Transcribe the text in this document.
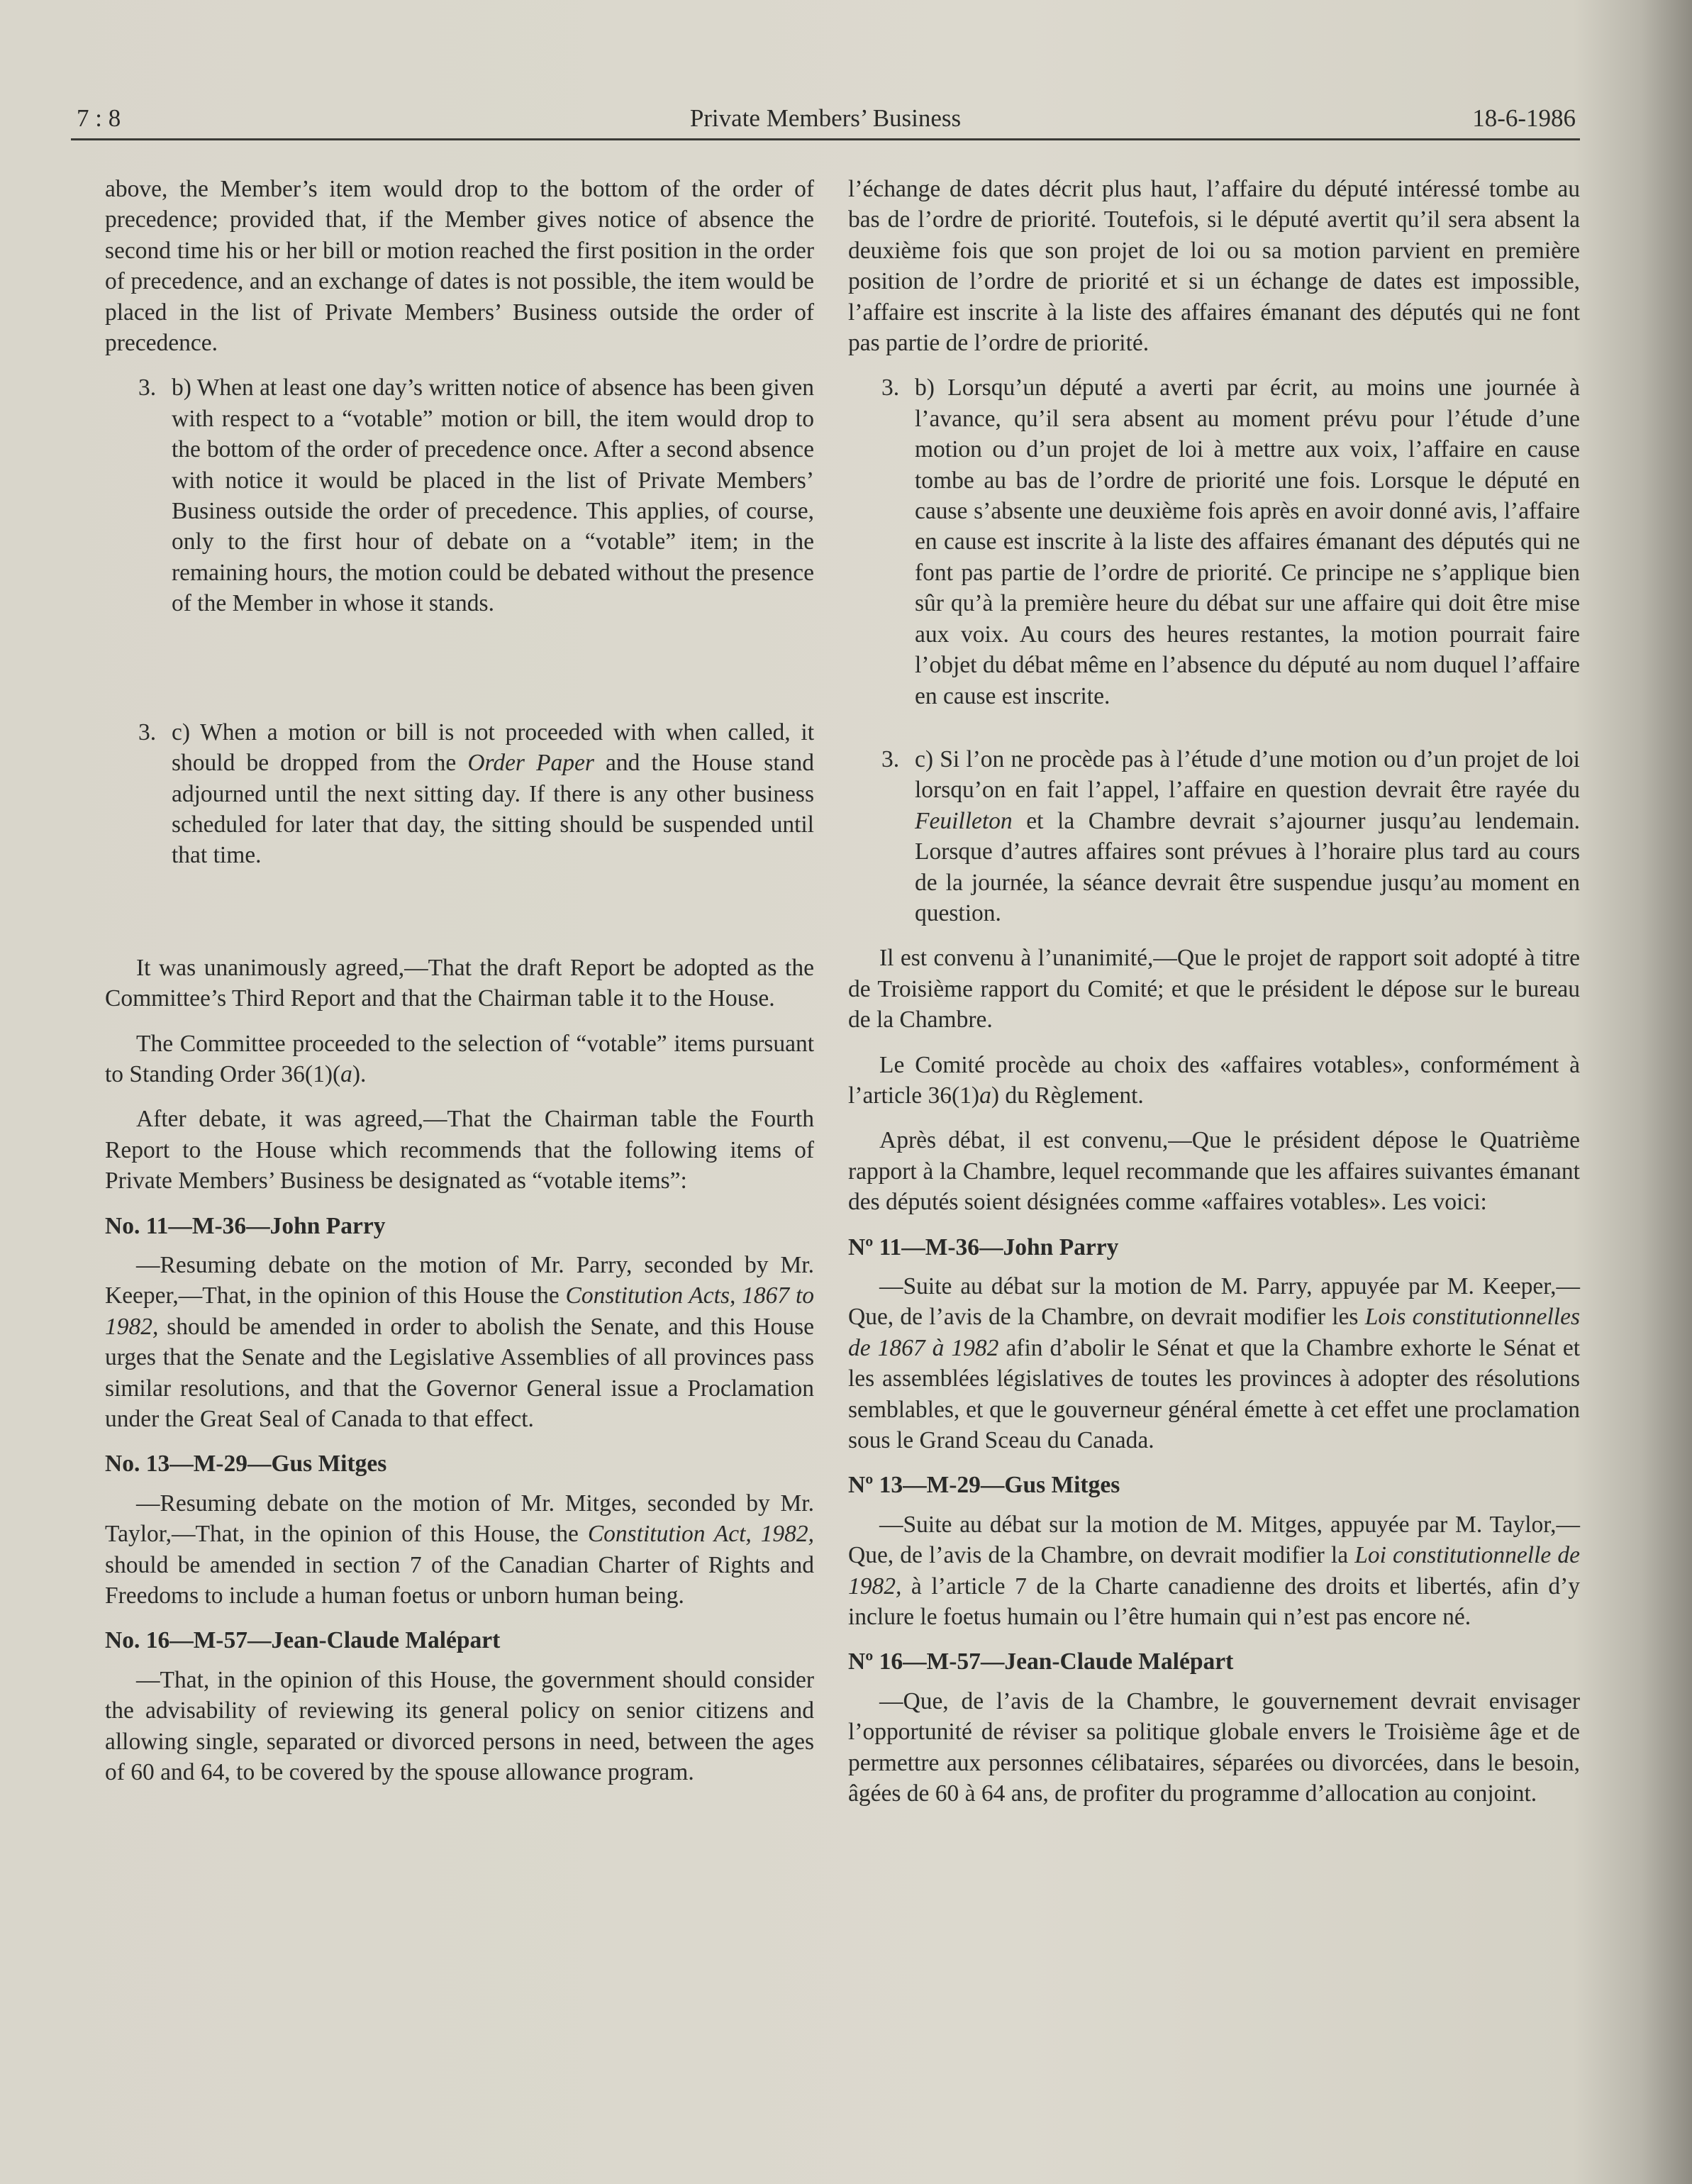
7 : 8	Private Members’ Business	18-6-1986

above, the Member’s item would drop to the bottom of the order of precedence; provided that, if the Member gives notice of absence the second time his or her bill or motion reached the first position in the order of precedence, and an exchange of dates is not possible, the item would be placed in the list of Private Members’ Business outside the order of precedence.

3. b) When at least one day’s written notice of absence has been given with respect to a “votable” motion or bill, the item would drop to the bottom of the order of precedence once. After a second absence with notice it would be placed in the list of Private Members’ Business outside the order of precedence. This applies, of course, only to the first hour of debate on a “votable” item; in the remaining hours, the motion could be debated without the presence of the Member in whose it stands.

3. c) When a motion or bill is not proceeded with when called, it should be dropped from the Order Paper and the House stand adjourned until the next sitting day. If there is any other business scheduled for later that day, the sitting should be suspended until that time.

It was unanimously agreed,—That the draft Report be adopted as the Committee’s Third Report and that the Chairman table it to the House.

The Committee proceeded to the selection of “votable” items pursuant to Standing Order 36(1)(a).

After debate, it was agreed,—That the Chairman table the Fourth Report to the House which recommends that the following items of Private Members’ Business be designated as “votable items”:

No. 11—M-36—John Parry

—Resuming debate on the motion of Mr. Parry, seconded by Mr. Keeper,—That, in the opinion of this House the Constitution Acts, 1867 to 1982, should be amended in order to abolish the Senate, and this House urges that the Senate and the Legislative Assemblies of all provinces pass similar resolutions, and that the Governor General issue a Proclamation under the Great Seal of Canada to that effect.

No. 13—M-29—Gus Mitges

—Resuming debate on the motion of Mr. Mitges, seconded by Mr. Taylor,—That, in the opinion of this House, the Constitution Act, 1982, should be amended in section 7 of the Canadian Charter of Rights and Freedoms to include a human foetus or unborn human being.

No. 16—M-57—Jean-Claude Malépart

—That, in the opinion of this House, the government should consider the advisability of reviewing its general policy on senior citizens and allowing single, separated or divorced persons in need, between the ages of 60 and 64, to be covered by the spouse allowance program.

l’échange de dates décrit plus haut, l’affaire du député intéressé tombe au bas de l’ordre de priorité. Toutefois, si le député avertit qu’il sera absent la deuxième fois que son projet de loi ou sa motion parvient en première position de l’ordre de priorité et si un échange de dates est impossible, l’affaire est inscrite à la liste des affaires émanant des députés qui ne font pas partie de l’ordre de priorité.

3. b) Lorsqu’un député a averti par écrit, au moins une journée à l’avance, qu’il sera absent au moment prévu pour l’étude d’une motion ou d’un projet de loi à mettre aux voix, l’affaire en cause tombe au bas de l’ordre de priorité une fois. Lorsque le député en cause s’absente une deuxième fois après en avoir donné avis, l’affaire en cause est inscrite à la liste des affaires émanant des députés qui ne font pas partie de l’ordre de priorité. Ce principe ne s’applique bien sûr qu’à la première heure du débat sur une affaire qui doit être mise aux voix. Au cours des heures restantes, la motion pourrait faire l’objet du débat même en l’absence du député au nom duquel l’affaire en cause est inscrite.

3. c) Si l’on ne procède pas à l’étude d’une motion ou d’un projet de loi lorsqu’on en fait l’appel, l’affaire en question devrait être rayée du Feuilleton et la Chambre devrait s’ajourner jusqu’au lendemain. Lorsque d’autres affaires sont prévues à l’horaire plus tard au cours de la journée, la séance devrait être suspendue jusqu’au moment en question.

Il est convenu à l’unanimité,—Que le projet de rapport soit adopté à titre de Troisième rapport du Comité; et que le président le dépose sur le bureau de la Chambre.

Le Comité procède au choix des «affaires votables», conformément à l’article 36(1)a) du Règlement.

Après débat, il est convenu,—Que le président dépose le Quatrième rapport à la Chambre, lequel recommande que les affaires suivantes émanant des députés soient désignées comme «affaires votables». Les voici:

Nº 11—M-36—John Parry

—Suite au débat sur la motion de M. Parry, appuyée par M. Keeper,—Que, de l’avis de la Chambre, on devrait modifier les Lois constitutionnelles de 1867 à 1982 afin d’abolir le Sénat et que la Chambre exhorte le Sénat et les assemblées législatives de toutes les provinces à adopter des résolutions semblables, et que le gouverneur général émette à cet effet une proclamation sous le Grand Sceau du Canada.

Nº 13—M-29—Gus Mitges

—Suite au débat sur la motion de M. Mitges, appuyée par M. Taylor,—Que, de l’avis de la Chambre, on devrait modifier la Loi constitutionnelle de 1982, à l’article 7 de la Charte canadienne des droits et libertés, afin d’y inclure le foetus humain ou l’être humain qui n’est pas encore né.

Nº 16—M-57—Jean-Claude Malépart

—Que, de l’avis de la Chambre, le gouvernement devrait envisager l’opportunité de réviser sa politique globale envers le Troisième âge et de permettre aux personnes célibataires, séparées ou divorcées, dans le besoin, âgées de 60 à 64 ans, de profiter du programme d’allocation au conjoint.
